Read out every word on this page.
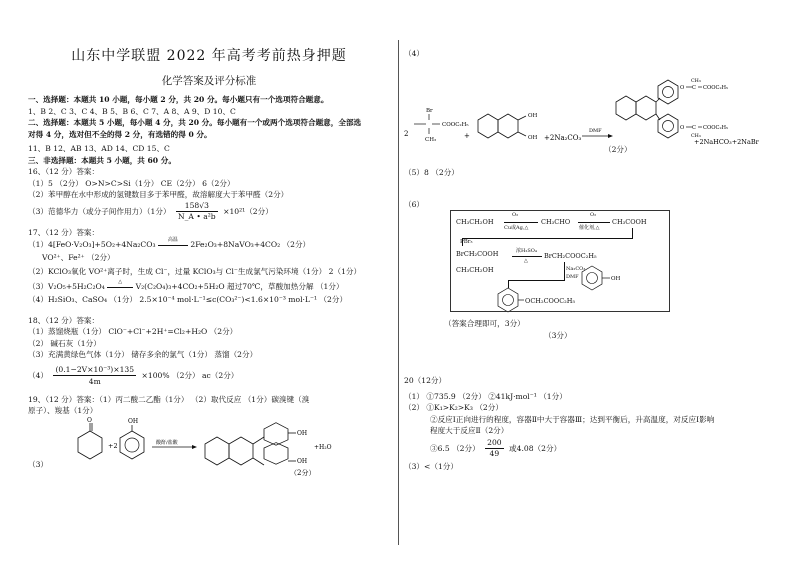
山东中学联盟 2022 年高考考前热身押题
化学答案及评分标准
一、选择题：本题共 10 小题，每小题 2 分，共 20 分。每小题只有一个选项符合题意。
1、B 2、C 3、C 4、B 5、B 6、C 7、A 8、A 9、D 10、C
二、选择题：本题共 5 小题，每小题 4 分，共 20 分。每小题有一个或两个选项符合题意，全部选
对得 4 分，选对但不全的得 2 分，有选错的得 0 分。
11、B 12、AB 13、AD 14、CD 15、C
三、非选择题：本题共 5 小题，共 60 分。
16、（12 分）答案：
（1）5 （2分） O>N>C>Si（1分） CE（2分） 6（2分）
（2）苯甲醇在水中形成的氢键数目多于苯甲醛，故溶解度大于苯甲醛（2分）
（3）范德华力（或分子间作用力）（1分） $\frac{158√3}{\text{N\_A • a²b}} \times 10^{21}(2$分）
17、（12 分）答案：
（1）4[FeO·V₂O₃]+5O₂+4Na₂CO₃	高温	2Fe₂O₃+8NaVO₃+4CO₂ （2分）
VO²⁺、Fe²⁺ （2分）
（2）KClO₃氧化 VO²⁺离子时，生成 Cl⁻，过量 KClO₃与 Cl⁻生成氯气污染环境（1分） 2（1分）
（3）V₂O₅+5H₂C₂O₄	△	V₂(C₂O₄)₃+4CO₂+5H₂O 超过70℃，草酸加热分解 （1分）
（4）H₂SiO₃、CaSO₄ （1分） 2.5×10⁻⁴ mol·L⁻¹≤c(CO₃²⁻)<1.6×10⁻³ mol·L⁻¹ （2分）
18、（12 分）答案：
（1）蒸馏烧瓶（1分） ClO⁻+Cl⁻+2H⁺=Cl₂+H₂O （2分）
（2） 碱石灰（1分）
（3）充满黄绿色气体（1分） 储存多余的氯气（1分） 蒸馏（2分）
$(4) \frac{\text{(0.1−2V×10⁻³)×135}}{4m} \times 100\%$ （2分） ac（2分）
19、（12 分）答案：（1）丙二酸二乙酯（1分） （2）取代反应 （1分）碳溴键（溴
原子）、羧基（1分）
（3）
O
+2
OH
酸酐/盐酸
OH
OH
+H₂O
（2分）
（4）
2
Br
COOC₂H₅
CH₃	+
OH
OH +2Na₂CO₃
DMF
O C COOC₂H₅
CH₃
O C COOC₂H₅
CH₃
+2NaHCO₃+2NaBr
（2分）
（5）8 （2分）
（6）
CH₃CH₂OH
O₂
Cu或Ag,△
CH₃CHO
O₂
催化剂,△
CH₃COOH
PBr₃
BrCH₂COOH
CH₃CH₂OH
浓H₂SO₄
△
BrCH₂COOC₂H₅
Na₂CO₃
DMF	OH
OCH₂COOC₂H₅
（答案合理即可，3分）
（3分）
20（12分）
（1） ①735.9 （2分） ②41kJ·mol⁻¹ （1分）
（2） ①K₁>K₂>K₃ （2分）
②反应Ⅰ正向进行的程度，容器Ⅱ中大于容器Ⅲ；达到平衡后，升高温度，对反应Ⅰ影响
程度大于反应Ⅱ（2分）
③6.5 （2分） $\frac{200}{49}$ 或4.08（2分）
（3）<（1分）
